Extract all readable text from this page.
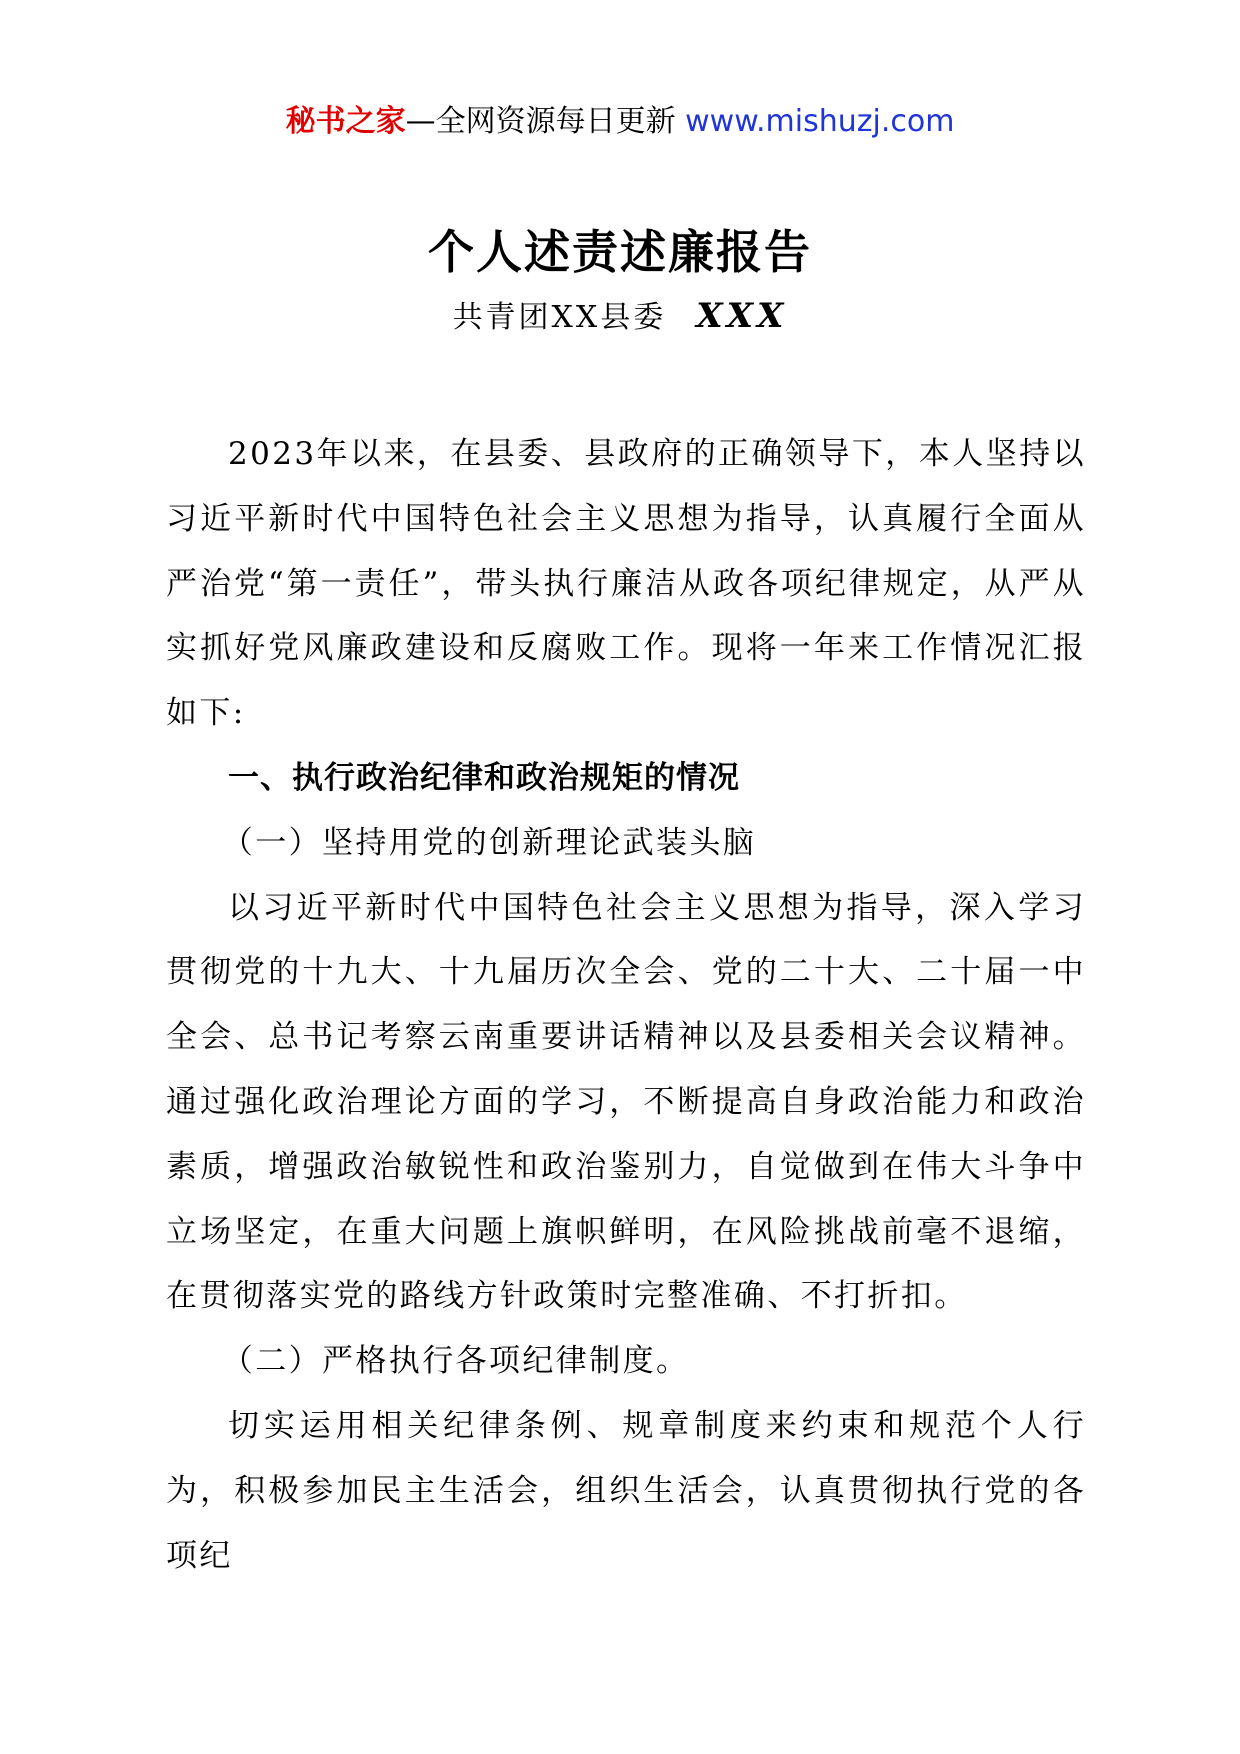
秘书之家—全网资源每日更新 www.mishuzj.com
个人述责述廉报告
共青团XX县委 XXX

2023年以来，在县委、县政府的正确领导下，本人坚持以习近平新时代中国特色社会主义思想为指导，认真履行全面从严治党“第一责任”，带头执行廉洁从政各项纪律规定，从严从实抓好党风廉政建设和反腐败工作。现将一年来工作情况汇报如下:

一、执行政治纪律和政治规矩的情况

（一）坚持用党的创新理论武装头脑

以习近平新时代中国特色社会主义思想为指导，深入学习贯彻党的十九大、十九届历次全会、党的二十大、二十届一中全会、总书记考察云南重要讲话精神以及县委相关会议精神。通过强化政治理论方面的学习，不断提高自身政治能力和政治素质，增强政治敏锐性和政治鉴别力，自觉做到在伟大斗争中立场坚定，在重大问题上旗帜鲜明，在风险挑战前毫不退缩，在贯彻落实党的路线方针政策时完整准确、不打折扣。

（二）严格执行各项纪律制度。

切实运用相关纪律条例、规章制度来约束和规范个人行为，积极参加民主生活会，组织生活会，认真贯彻执行党的各项纪
